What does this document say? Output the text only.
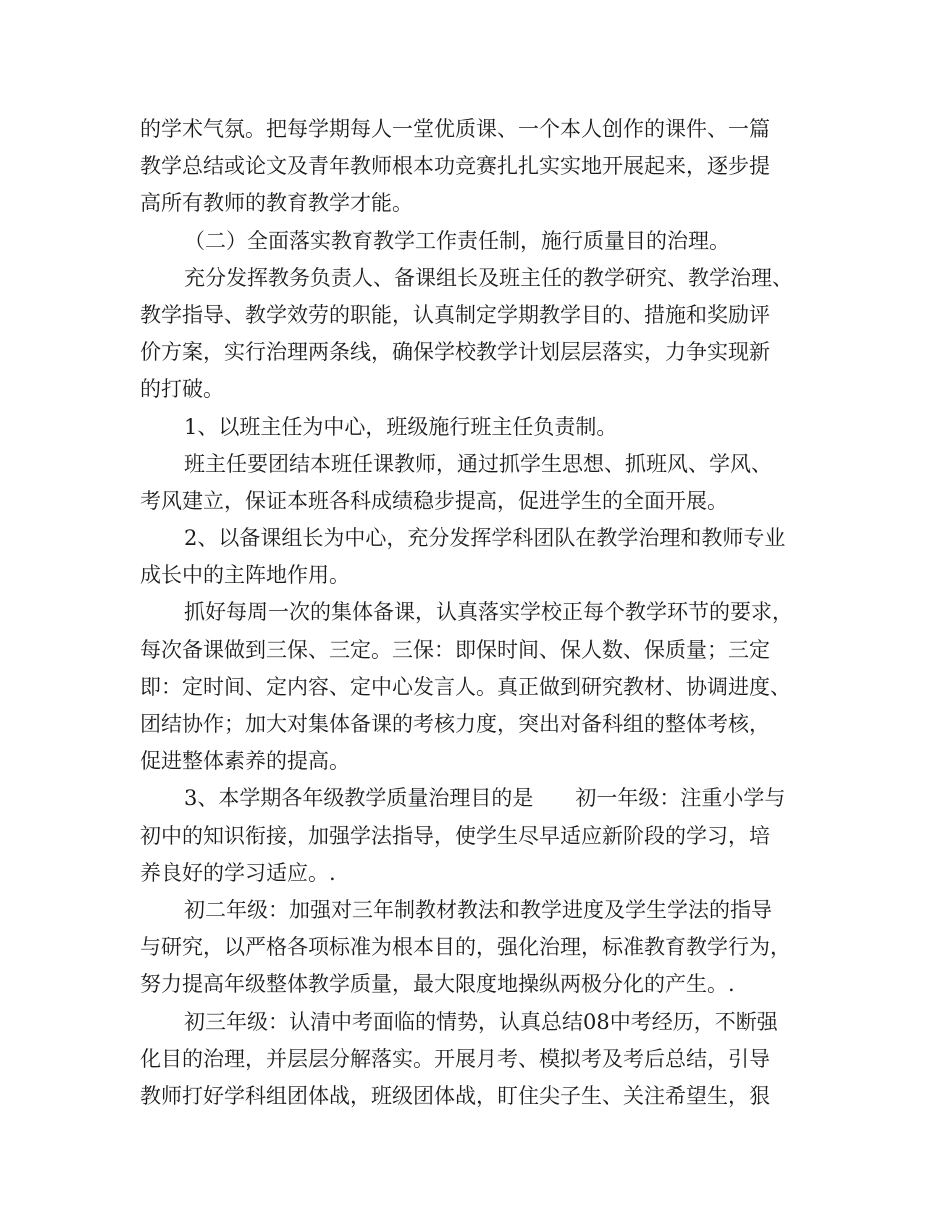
的学术气氛。把每学期每人一堂优质课、一个本人创作的课件、一篇
教学总结或论文及青年教师根本功竞赛扎扎实实地开展起来，逐步提
高所有教师的教育教学才能。
（二）全面落实教育教学工作责任制，施行质量目的治理。
充分发挥教务负责人、备课组长及班主任的教学研究、教学治理、
教学指导、教学效劳的职能，认真制定学期教学目的、措施和奖励评
价方案，实行治理两条线，确保学校教学计划层层落实，力争实现新
的打破。
1、以班主任为中心，班级施行班主任负责制。
班主任要团结本班任课教师，通过抓学生思想、抓班风、学风、
考风建立，保证本班各科成绩稳步提高，促进学生的全面开展。
2、以备课组长为中心，充分发挥学科团队在教学治理和教师专业
成长中的主阵地作用。
抓好每周一次的集体备课，认真落实学校正每个教学环节的要求，
每次备课做到三保、三定。三保：即保时间、保人数、保质量；三定
即：定时间、定内容、定中心发言人。真正做到研究教材、协调进度、
团结协作；加大对集体备课的考核力度，突出对备科组的整体考核，
促进整体素养的提高。
3、本学期各年级教学质量治理目的是　　初一年级：注重小学与
初中的知识衔接，加强学法指导，使学生尽早适应新阶段的学习，培
养良好的学习适应。.
初二年级：加强对三年制教材教法和教学进度及学生学法的指导
与研究，以严格各项标准为根本目的，强化治理，标准教育教学行为，
努力提高年级整体教学质量，最大限度地操纵两极分化的产生。.
初三年级：认清中考面临的情势，认真总结08中考经历，不断强
化目的治理，并层层分解落实。开展月考、模拟考及考后总结，引导
教师打好学科组团体战，班级团体战，盯住尖子生、关注希望生，狠
